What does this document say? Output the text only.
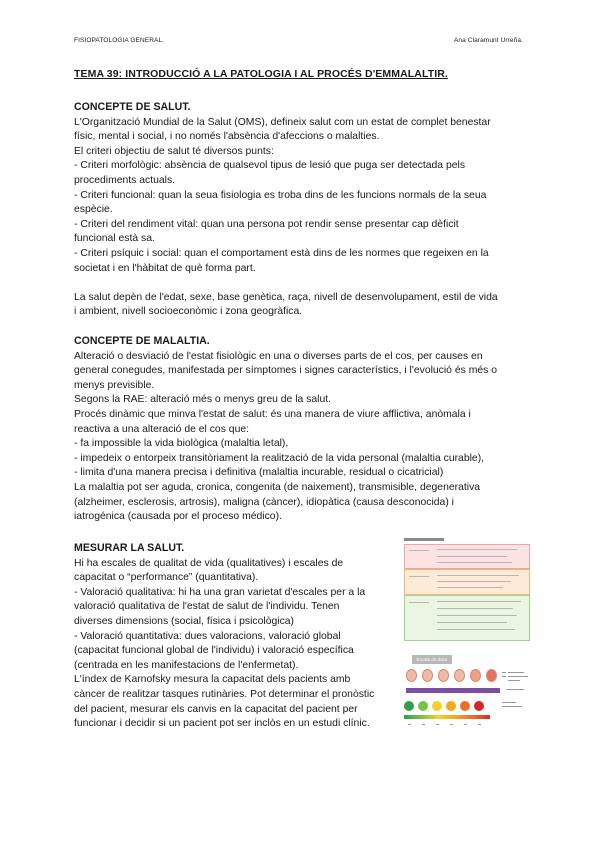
FISIOPATOLOGIA GENERAL.	Ana Claramunt Urreña.
TEMA 39: INTRODUCCIÓ A LA PATOLOGIA I AL PROCÉS D'EMMALALTIR.

CONCEPTE DE SALUT.

L'Organització Mundial de la Salut (OMS), defineix salut com un estat de complet benestar

físic, mental i social, i no només l'absència d'afeccions o malalties.

El criteri objectiu de salut té diversos punts:

- Criteri morfològic: absència de qualsevol tipus de lesió que puga ser detectada pels

procediments actuals.

- Criteri funcional: quan la seua fisiologia es troba dins de les funcions normals de la seua

espècie.

- Criteri del rendiment vital: quan una persona pot rendir sense presentar cap dèficit

funcional està sa.

- Criteri psíquic i social: quan el comportament està dins de les normes que regeixen en la

societat i en l'hàbitat de què forma part.

La salut depèn de l'edat, sexe, base genètica, raça, nivell de desenvolupament, estil de vida

i ambient, nivell socioeconòmic i zona geogràfica.

CONCEPTE DE MALALTIA.

Alteració o desviació de l'estat fisiològic en una o diverses parts de el cos, per causes en

general conegudes, manifestada per símptomes i signes característics, i l'evolució és més o

menys previsible.

Segons la RAE: alteració més o menys greu de la salut.

Procés dinàmic que minva l'estat de salut: és una manera de viure afflictiva, anòmala i

reactiva a una alteració de el cos que:

- fa impossible la vida biològica (malaltia letal),

- impedeix o entorpeix transitòriament la realització de la vida personal (malaltia curable),

- limita d'una manera precisa i definitiva (malaltia incurable, residual o cicatricial)

La malaltia pot ser aguda, cronica, congenita (de naixement), transmisible, degenerativa

(alzheimer, esclerosis, artrosis), maligna (càncer), idiopàtica (causa desconocida) i

iatrogénica (causada por el proceso médico).

MESURAR LA SALUT.

Hi ha escales de qualitat de vida (qualitatives) i escales de

capacitat o “performance” (quantitativa).

- Valoració qualitativa: hi ha una gran varietat d'escales per a la

valoració qualitativa de l'estat de salut de l'individu. Tenen

diverses dimensions (social, física i psicològica)

- Valoració quantitativa: dues valoracions, valoració global

(capacitat funcional global de l'individu) i valoració específica

(centrada en les manifestacions de l'enfermetat).

L'índex de Karnofsky mesura la capacitat dels pacients amb

càncer de realitzar tasques rutinàries. Pot determinar el pronòstic

del pacient, mesurar els canvis en la capacitat del pacient per

funcionar i decidir si un pacient pot ser inclòs en un estudi clínic.

Escala de dolor
